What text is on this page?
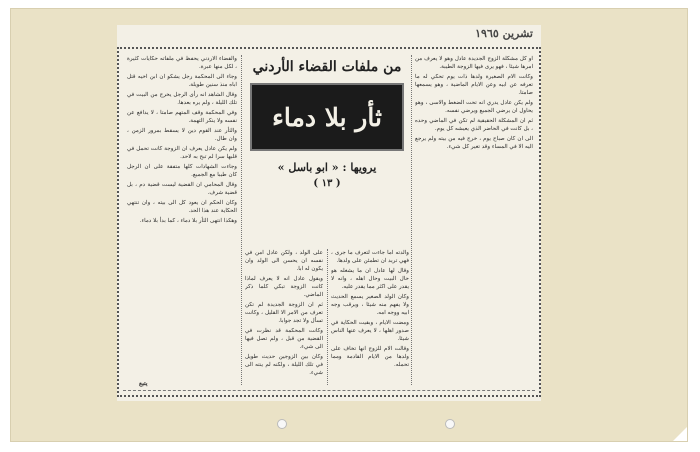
تشرين ١٩٦٥

او كل مشكلة الزوج الجديدة عادل وهو لا يعرف من امرها شيئا ، فهو يرى فيها الزوجة الطيبة.

وكانت الام الصغيرة ولدها ذات يوم تحكي له ما تعرفه عن ابيه وعن الايام الماضية ، وهو يسمعها صامتا.

ولم يكن عادل يدري انه تحت الضغط والاسى ، وهو يحاول ان يرضي الجميع ويرضي نفسه.

ثم ان المشكلة الحقيقية لم تكن في الماضي وحده ، بل كانت في الحاضر الذي يعيشه كل يوم.

الى ان كان صباح يوم ، خرج فيه من بيته ولم يرجع اليه الا في المساء وقد تغير كل شيء.

من ملفات القضاء الأردني
ثأر بلا دماء
يرويها : « ابو باسل »
( ١٣ )

والدته اما جاءت لتعرف ما جرى ، فهي تريد ان تطمئن على ولدها.

وقال لها عادل ان ما يشغله هو حال البيت وحال اهله ، وانه لا يقدر على اكثر مما يقدر عليه.

وكان الولد الصغير يسمع الحديث ولا يفهم منه شيئا ، ويرقب وجه ابيه ووجه امه.

ومضت الايام ، وبقيت الحكاية في صدور اهلها ، لا يعرف عنها الناس شيئا.

وقالت الام للزوج انها تخاف على ولدها من الايام القادمة ومما تحمله.

على الولد ، ولكن عادل امن في نفسه ان يحسن الى الولد وان يكون له ابا.

ويقول عادل انه لا يعرف لماذا كانت الزوجة تبكي كلما ذكر الماضي.

ثم ان الزوجة الجديدة لم تكن تعرف من الامر الا القليل ، وكانت تسأل ولا تجد جوابا.

وكانت المحكمة قد نظرت في القضية من قبل ، ولم تصل فيها الى شيء.

وكان بين الزوجين حديث طويل في تلك الليلة ، ولكنه لم ينته الى شيء.

والقضاء الاردني يحفظ في ملفاته حكايات كثيرة ، لكل منها عبرة.

وجاء الى المحكمة رجل يشكو ان ابن اخيه قتل اباه منذ سنين طويلة.

وقال الشاهد انه رأى الرجل يخرج من البيت في تلك الليلة ، ولم يره بعدها.

وفي المحكمة وقف المتهم صامتا ، لا يدافع عن نفسه ولا ينكر التهمة.

والثأر عند القوم دين لا يسقط بمرور الزمن ، وان طال.

ولم يكن عادل يعرف ان الزوجة كانت تحمل في قلبها سرا لم تبح به لاحد.

وجاءت الشهادات كلها متفقة على ان الرجل كان طيبا مع الجميع.

وقال المحامي ان القضية ليست قضية دم ، بل قضية شرف.

وكان الحكم ان يعود كل الى بيته ، وان تنتهي الحكاية عند هذا الحد.

وهكذا انتهى الثأر بلا دماء ، كما بدأ بلا دماء.

يتبع
